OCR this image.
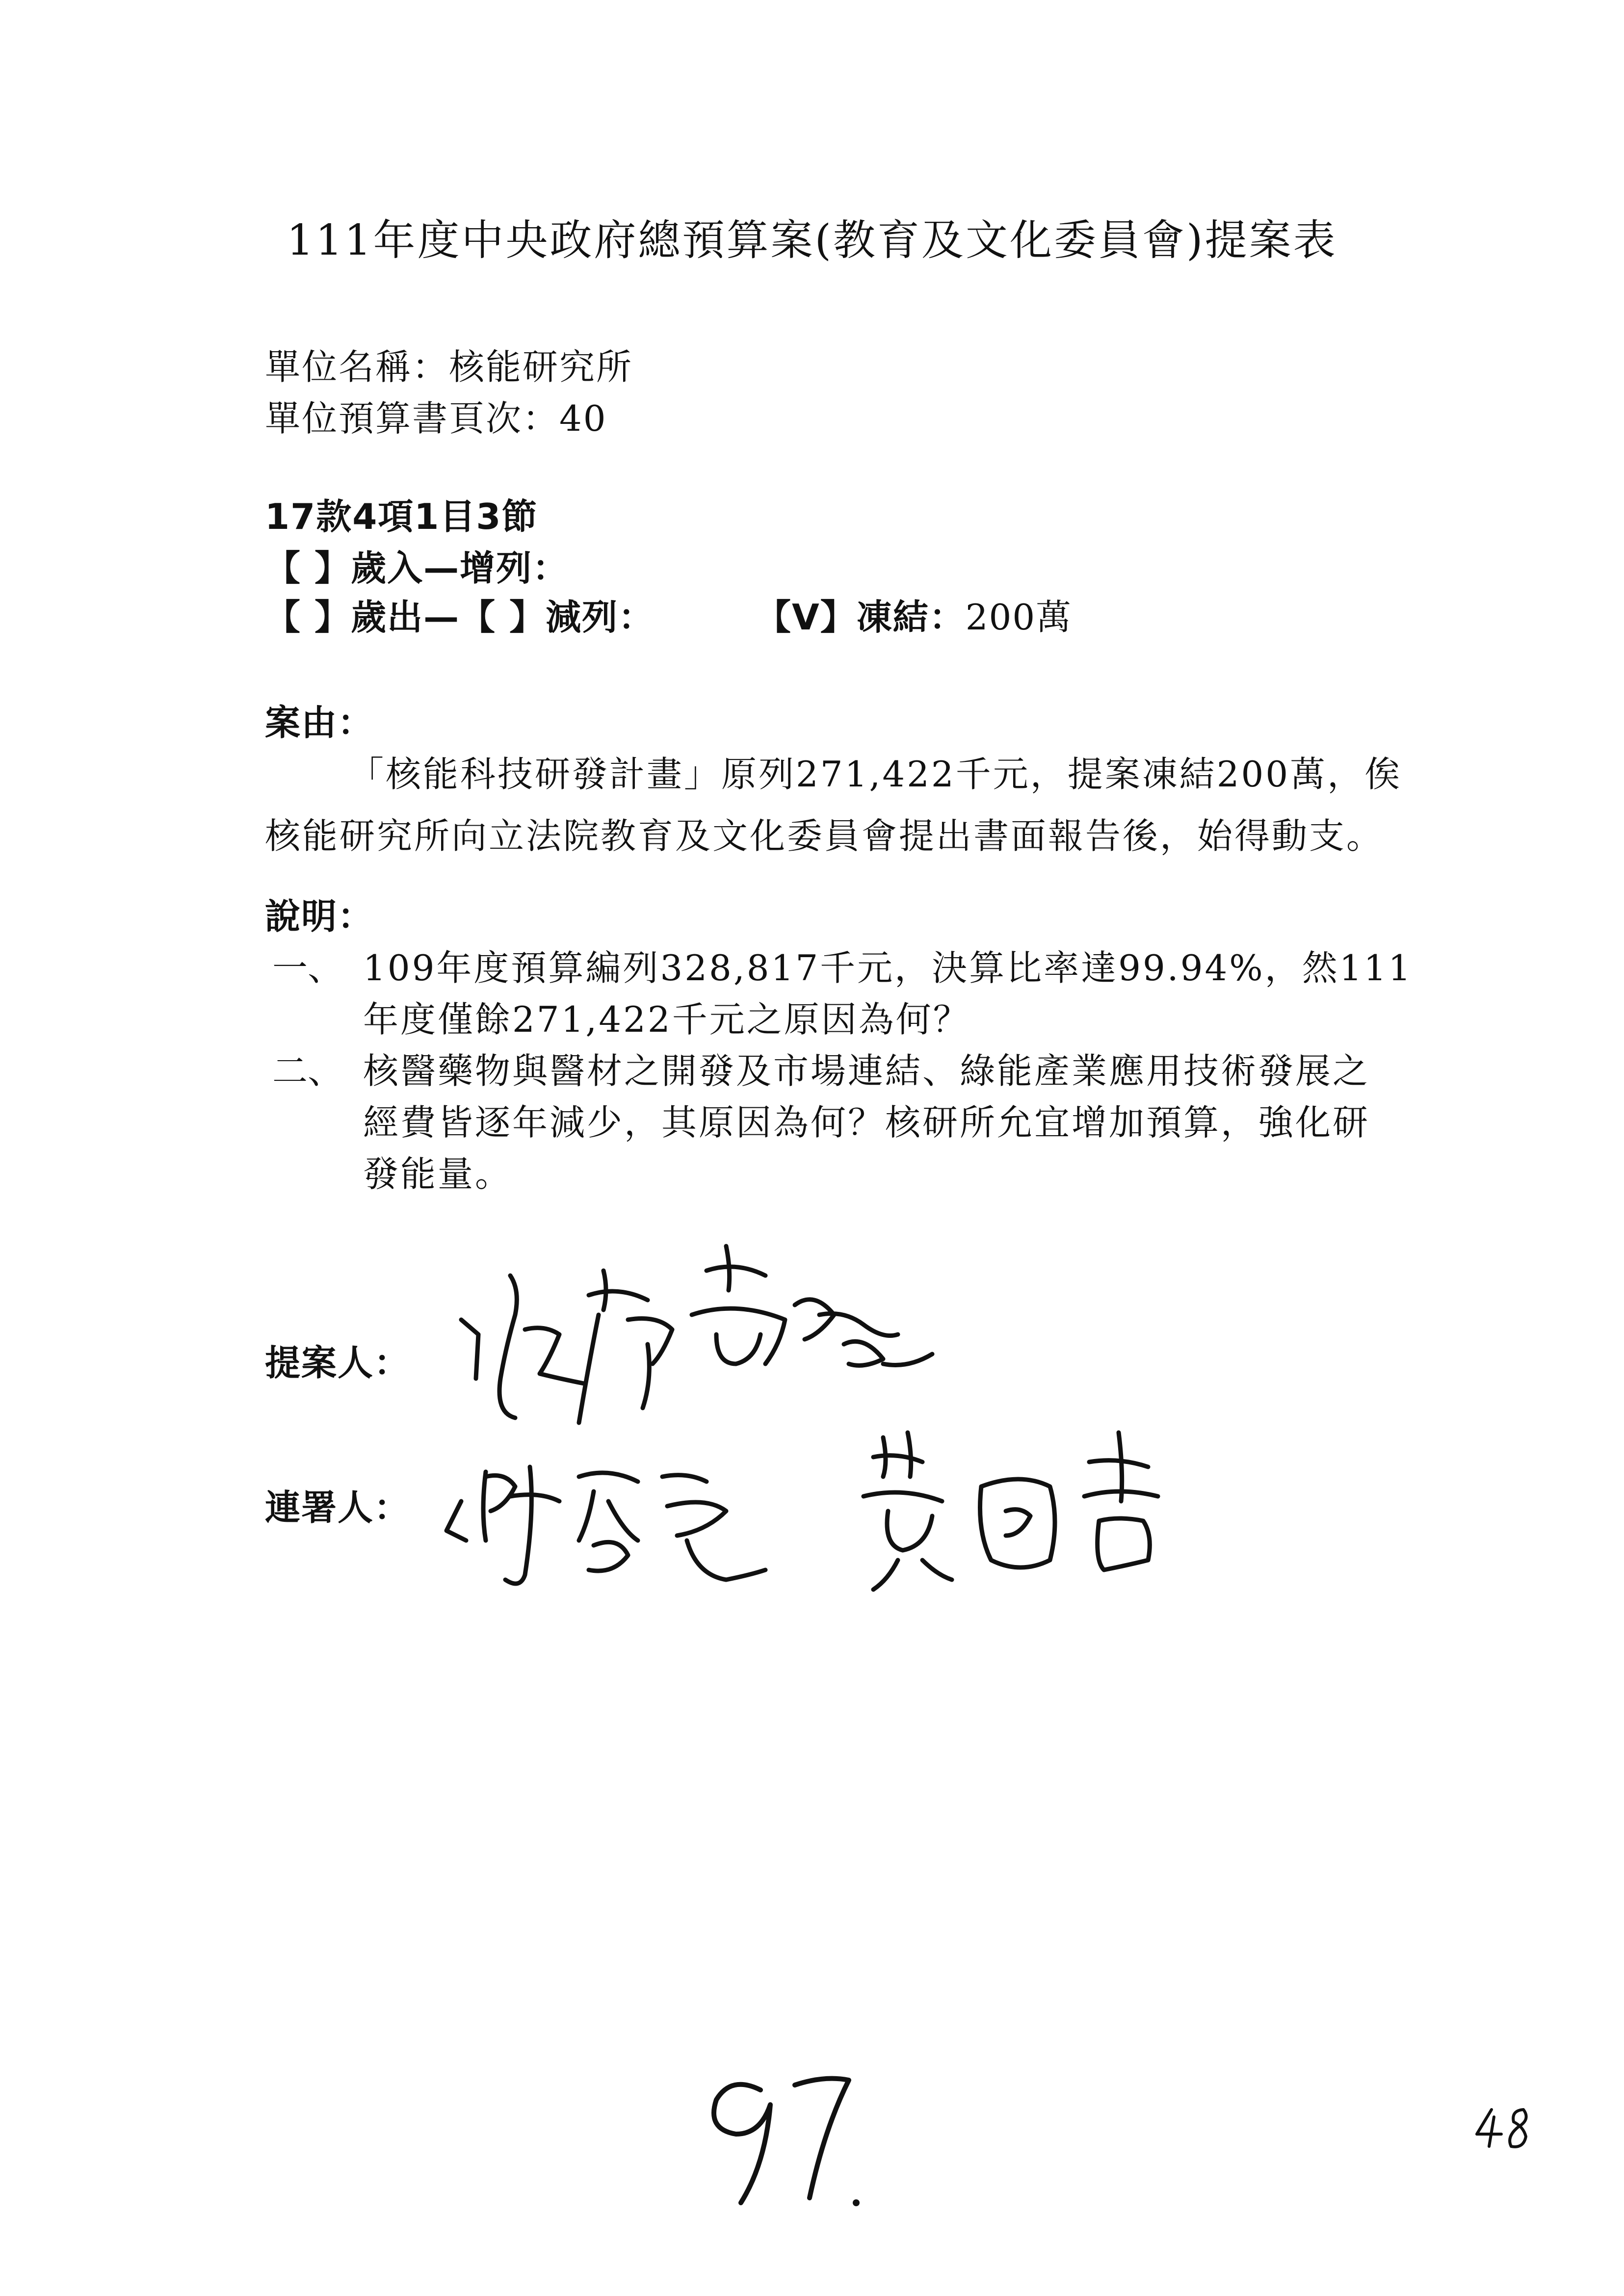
111年度中央政府總預算案(教育及文化委員會)提案表
單位名稱：核能研究所
單位預算書頁次：40
17款4項1目3節
【 】歲入—增列：
【 】歲出—【 】減列：	【V】凍結：200萬
案由：

「核能科技研發計畫」原列271,422千元，提案凍結200萬，俟

核能研究所向立法院教育及文化委員會提出書面報告後，始得動支。

說明：
一、 109年度預算編列328,817千元，決算比率達99.94%，然111
年度僅餘271,422千元之原因為何？
二、 核醫藥物與醫材之開發及市場連結、綠能產業應用技術發展之
經費皆逐年減少，其原因為何？核研所允宜增加預算，強化研
發能量。
提案人：
連署人：
